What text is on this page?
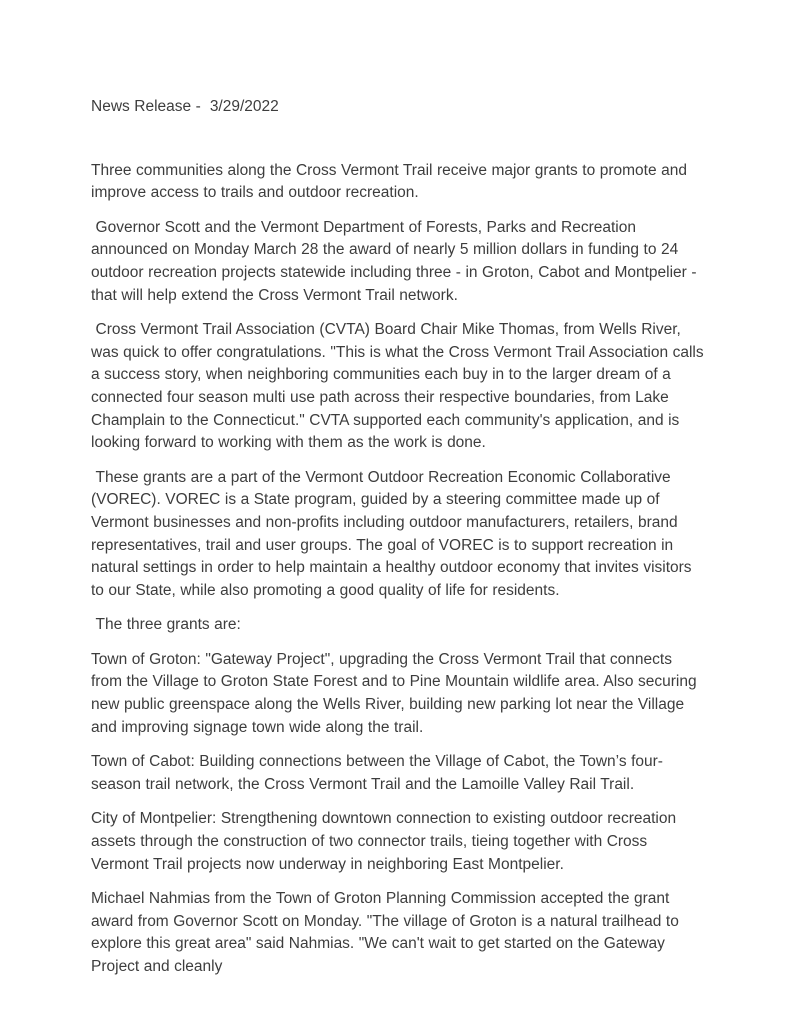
News Release -  3/29/2022

Three communities along the Cross Vermont Trail receive major grants to promote and improve access to trails and outdoor recreation.

Governor Scott and the Vermont Department of Forests, Parks and Recreation announced on Monday March 28 the award of nearly 5 million dollars in funding to 24 outdoor recreation projects statewide including three - in Groton, Cabot and Montpelier - that will help extend the Cross Vermont Trail network.

Cross Vermont Trail Association (CVTA) Board Chair Mike Thomas, from Wells River, was quick to offer congratulations. "This is what the Cross Vermont Trail Association calls a success story, when neighboring communities each buy in to the larger dream of a connected four season multi use path across their respective boundaries, from Lake Champlain to the Connecticut." CVTA supported each community's application, and is looking forward to working with them as the work is done.

These grants are a part of the Vermont Outdoor Recreation Economic Collaborative (VOREC). VOREC is a State program, guided by a steering committee made up of Vermont businesses and non-profits including outdoor manufacturers, retailers, brand representatives, trail and user groups. The goal of VOREC is to support recreation in natural settings in order to help maintain a healthy outdoor economy that invites visitors to our State, while also promoting a good quality of life for residents.

The three grants are:

Town of Groton: "Gateway Project", upgrading the Cross Vermont Trail that connects from the Village to Groton State Forest and to Pine Mountain wildlife area. Also securing new public greenspace along the Wells River, building new parking lot near the Village and improving signage town wide along the trail.

Town of Cabot: Building connections between the Village of Cabot, the Town’s four-season trail network, the Cross Vermont Trail and the Lamoille Valley Rail Trail.

City of Montpelier: Strengthening downtown connection to existing outdoor recreation assets through the construction of two connector trails, tieing together with Cross Vermont Trail projects now underway in neighboring East Montpelier.

Michael Nahmias from the Town of Groton Planning Commission accepted the grant award from Governor Scott on Monday. "The village of Groton is a natural trailhead to explore this great area" said Nahmias. "We can't wait to get started on the Gateway Project and cleanly
